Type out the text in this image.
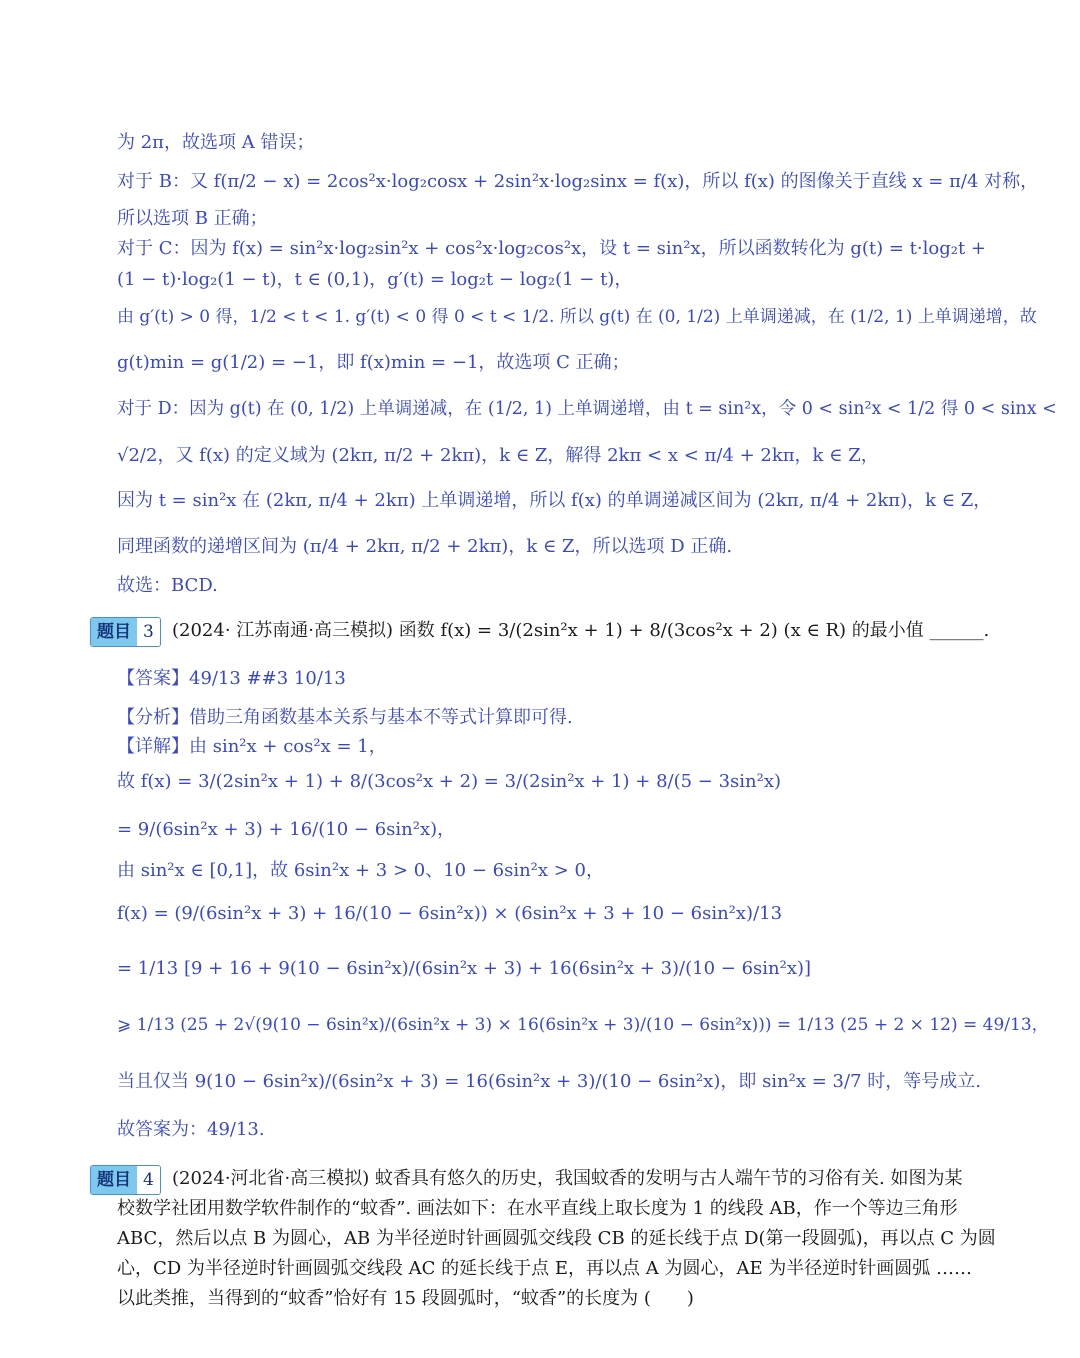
为 2π，故选项 A 错误；
对于 B：又 f(π/2 − x) = 2cos²x·log₂cosx + 2sin²x·log₂sinx = f(x)，所以 f(x) 的图像关于直线 x = π/4 对称，
所以选项 B 正确；
对于 C：因为 f(x) = sin²x·log₂sin²x + cos²x·log₂cos²x，设 t = sin²x，所以函数转化为 g(t) = t·log₂t +
(1 − t)·log₂(1 − t)，t ∈ (0,1)，g′(t) = log₂t − log₂(1 − t)，
由 g′(t) > 0 得，1/2 < t < 1. g′(t) < 0 得 0 < t < 1/2. 所以 g(t) 在 (0, 1/2) 上单调递减，在 (1/2, 1) 上单调递增，故
g(t)min = g(1/2) = −1，即 f(x)min = −1，故选项 C 正确；
对于 D：因为 g(t) 在 (0, 1/2) 上单调递减，在 (1/2, 1) 上单调递增，由 t = sin²x，令 0 < sin²x < 1/2 得 0 < sinx <
√2/2，又 f(x) 的定义域为 (2kπ, π/2 + 2kπ)，k ∈ Z，解得 2kπ < x < π/4 + 2kπ，k ∈ Z，
因为 t = sin²x 在 (2kπ, π/4 + 2kπ) 上单调递增，所以 f(x) 的单调递减区间为 (2kπ, π/4 + 2kπ)，k ∈ Z，
同理函数的递增区间为 (π/4 + 2kπ, π/2 + 2kπ)，k ∈ Z，所以选项 D 正确.
故选：BCD.
题目 3	(2024· 江苏南通·高三模拟) 函数 f(x) = 3/(2sin²x + 1) + 8/(3cos²x + 2) (x ∈ R) 的最小值 ______.
【答案】49/13 ##3 10/13
【分析】借助三角函数基本关系与基本不等式计算即可得.
【详解】由 sin²x + cos²x = 1，
故 f(x) = 3/(2sin²x + 1) + 8/(3cos²x + 2) = 3/(2sin²x + 1) + 8/(5 − 3sin²x)
= 9/(6sin²x + 3) + 16/(10 − 6sin²x)，
由 sin²x ∈ [0,1]，故 6sin²x + 3 > 0、10 − 6sin²x > 0，
f(x) = (9/(6sin²x + 3) + 16/(10 − 6sin²x)) × (6sin²x + 3 + 10 − 6sin²x)/13
= 1/13 [9 + 16 + 9(10 − 6sin²x)/(6sin²x + 3) + 16(6sin²x + 3)/(10 − 6sin²x)]
⩾ 1/13 (25 + 2√(9(10 − 6sin²x)/(6sin²x + 3) × 16(6sin²x + 3)/(10 − 6sin²x))) = 1/13 (25 + 2 × 12) = 49/13，
当且仅当 9(10 − 6sin²x)/(6sin²x + 3) = 16(6sin²x + 3)/(10 − 6sin²x)，即 sin²x = 3/7 时，等号成立.
故答案为：49/13.
题目 4	(2024·河北省·高三模拟) 蚊香具有悠久的历史，我国蚊香的发明与古人端午节的习俗有关. 如图为某
校数学社团用数学软件制作的“蚊香”. 画法如下：在水平直线上取长度为 1 的线段 AB，作一个等边三角形
ABC，然后以点 B 为圆心，AB 为半径逆时针画圆弧交线段 CB 的延长线于点 D(第一段圆弧)，再以点 C 为圆
心，CD 为半径逆时针画圆弧交线段 AC 的延长线于点 E，再以点 A 为圆心，AE 为半径逆时针画圆弧 ……
以此类推，当得到的“蚊香”恰好有 15 段圆弧时，“蚊香”的长度为 (　　)
